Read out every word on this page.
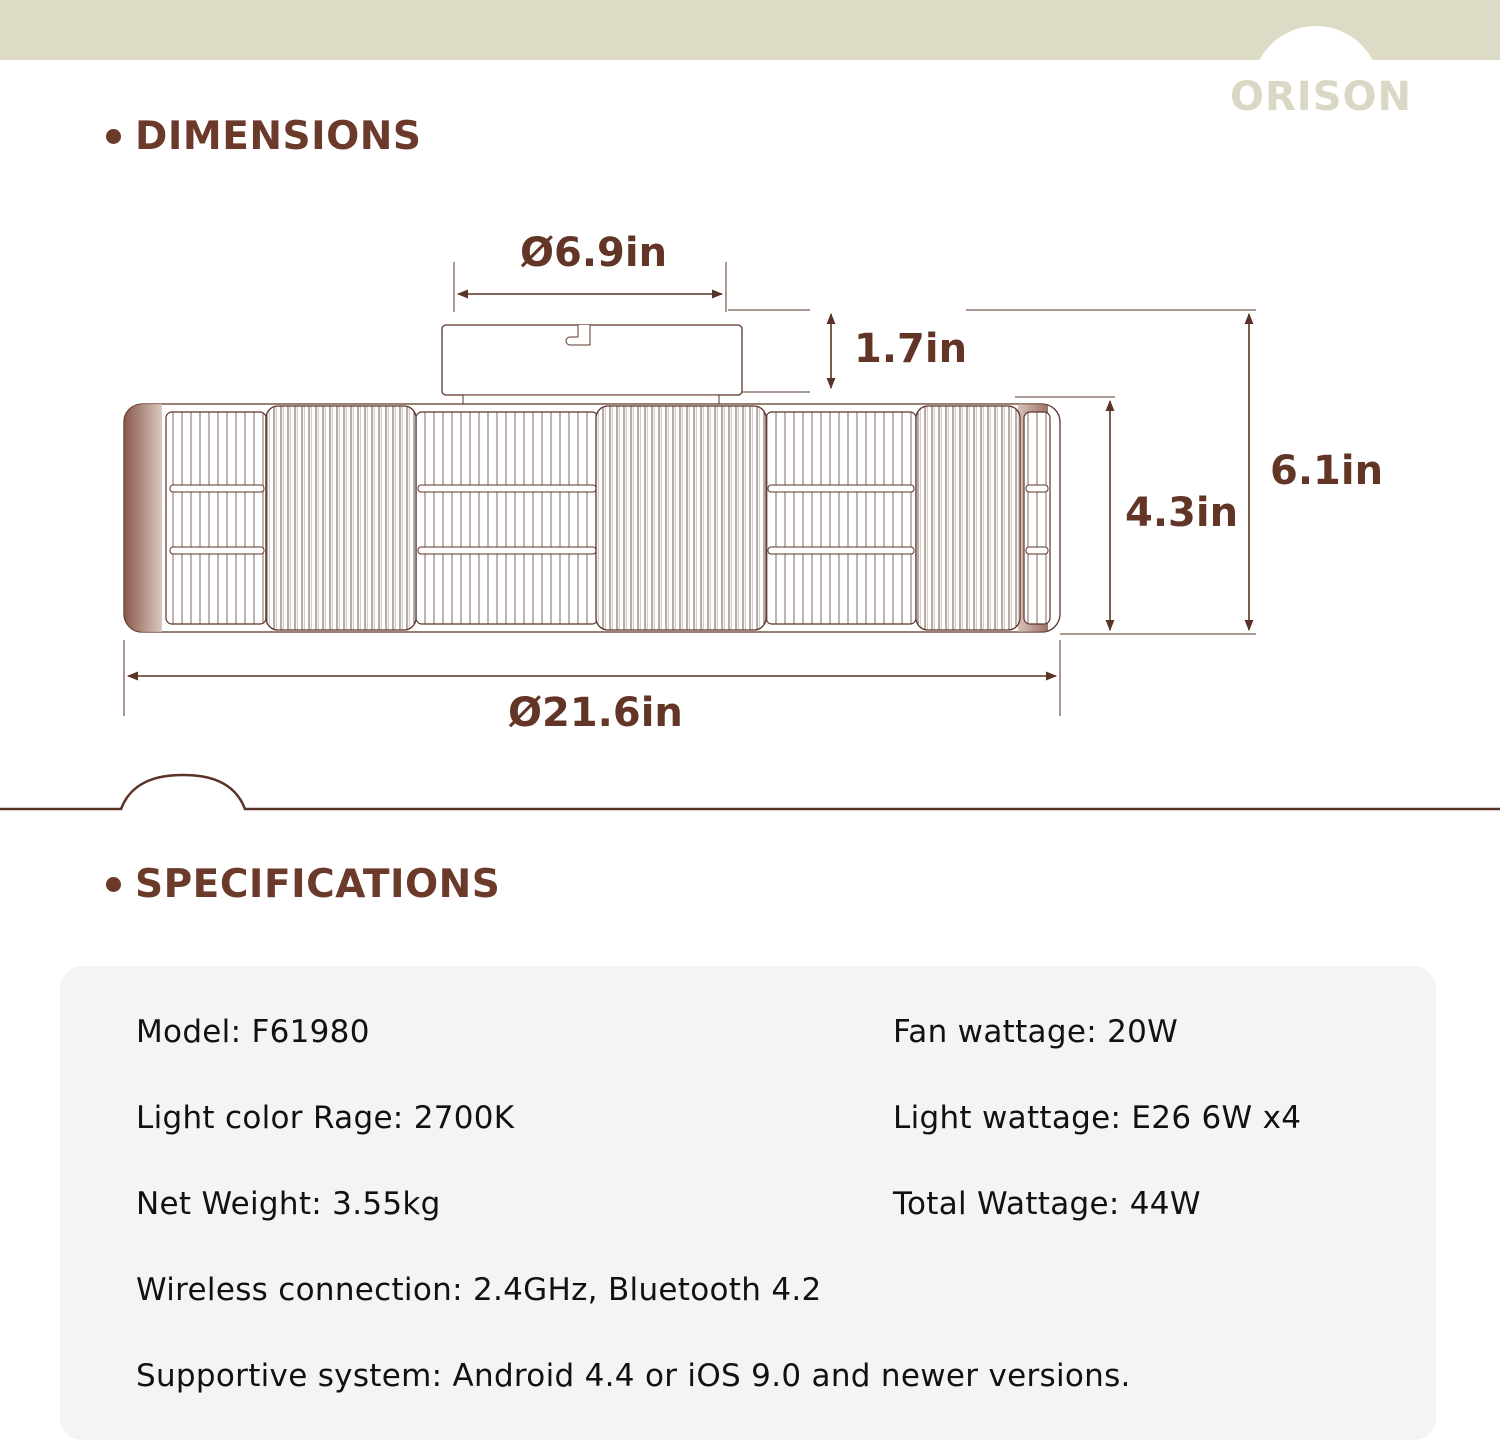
ORISON
DIMENSIONS
Ø6.9in
1.7in
6.1in
4.3in
Ø21.6in
SPECIFICATIONS
Model: F61980
Light color Rage: 2700K
Net Weight: 3.55kg
Fan wattage: 20W
Light wattage: E26 6W x4
Total Wattage: 44W
Wireless connection: 2.4GHz, Bluetooth 4.2
Supportive system: Android 4.4 or iOS 9.0 and newer versions.
